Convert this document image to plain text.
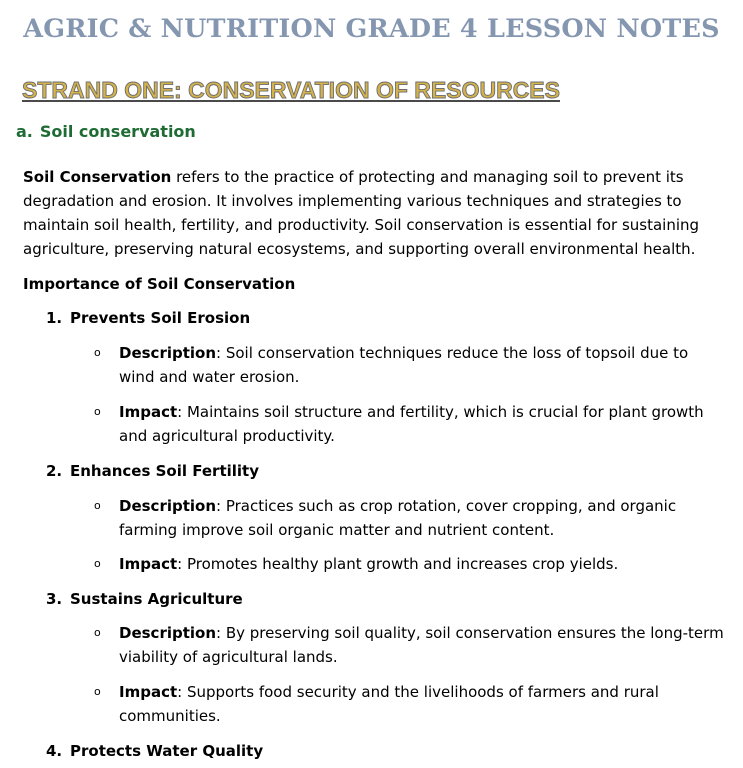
AGRIC & NUTRITION GRADE 4 LESSON NOTES
STRAND ONE: CONSERVATION OF RESOURCES
a. Soil conservation

Soil Conservation refers to the practice of protecting and managing soil to prevent its degradation and erosion. It involves implementing various techniques and strategies to maintain soil health, fertility, and productivity. Soil conservation is essential for sustaining agriculture, preserving natural ecosystems, and supporting overall environmental health.

Importance of Soil Conservation
1. Prevents Soil Erosion
o Description: Soil conservation techniques reduce the loss of topsoil due to wind and water erosion.
o Impact: Maintains soil structure and fertility, which is crucial for plant growth and agricultural productivity.
2. Enhances Soil Fertility
o Description: Practices such as crop rotation, cover cropping, and organic farming improve soil organic matter and nutrient content.
o Impact: Promotes healthy plant growth and increases crop yields.
3. Sustains Agriculture
o Description: By preserving soil quality, soil conservation ensures the long-term viability of agricultural lands.
o Impact: Supports food security and the livelihoods of farmers and rural communities.
4. Protects Water Quality
